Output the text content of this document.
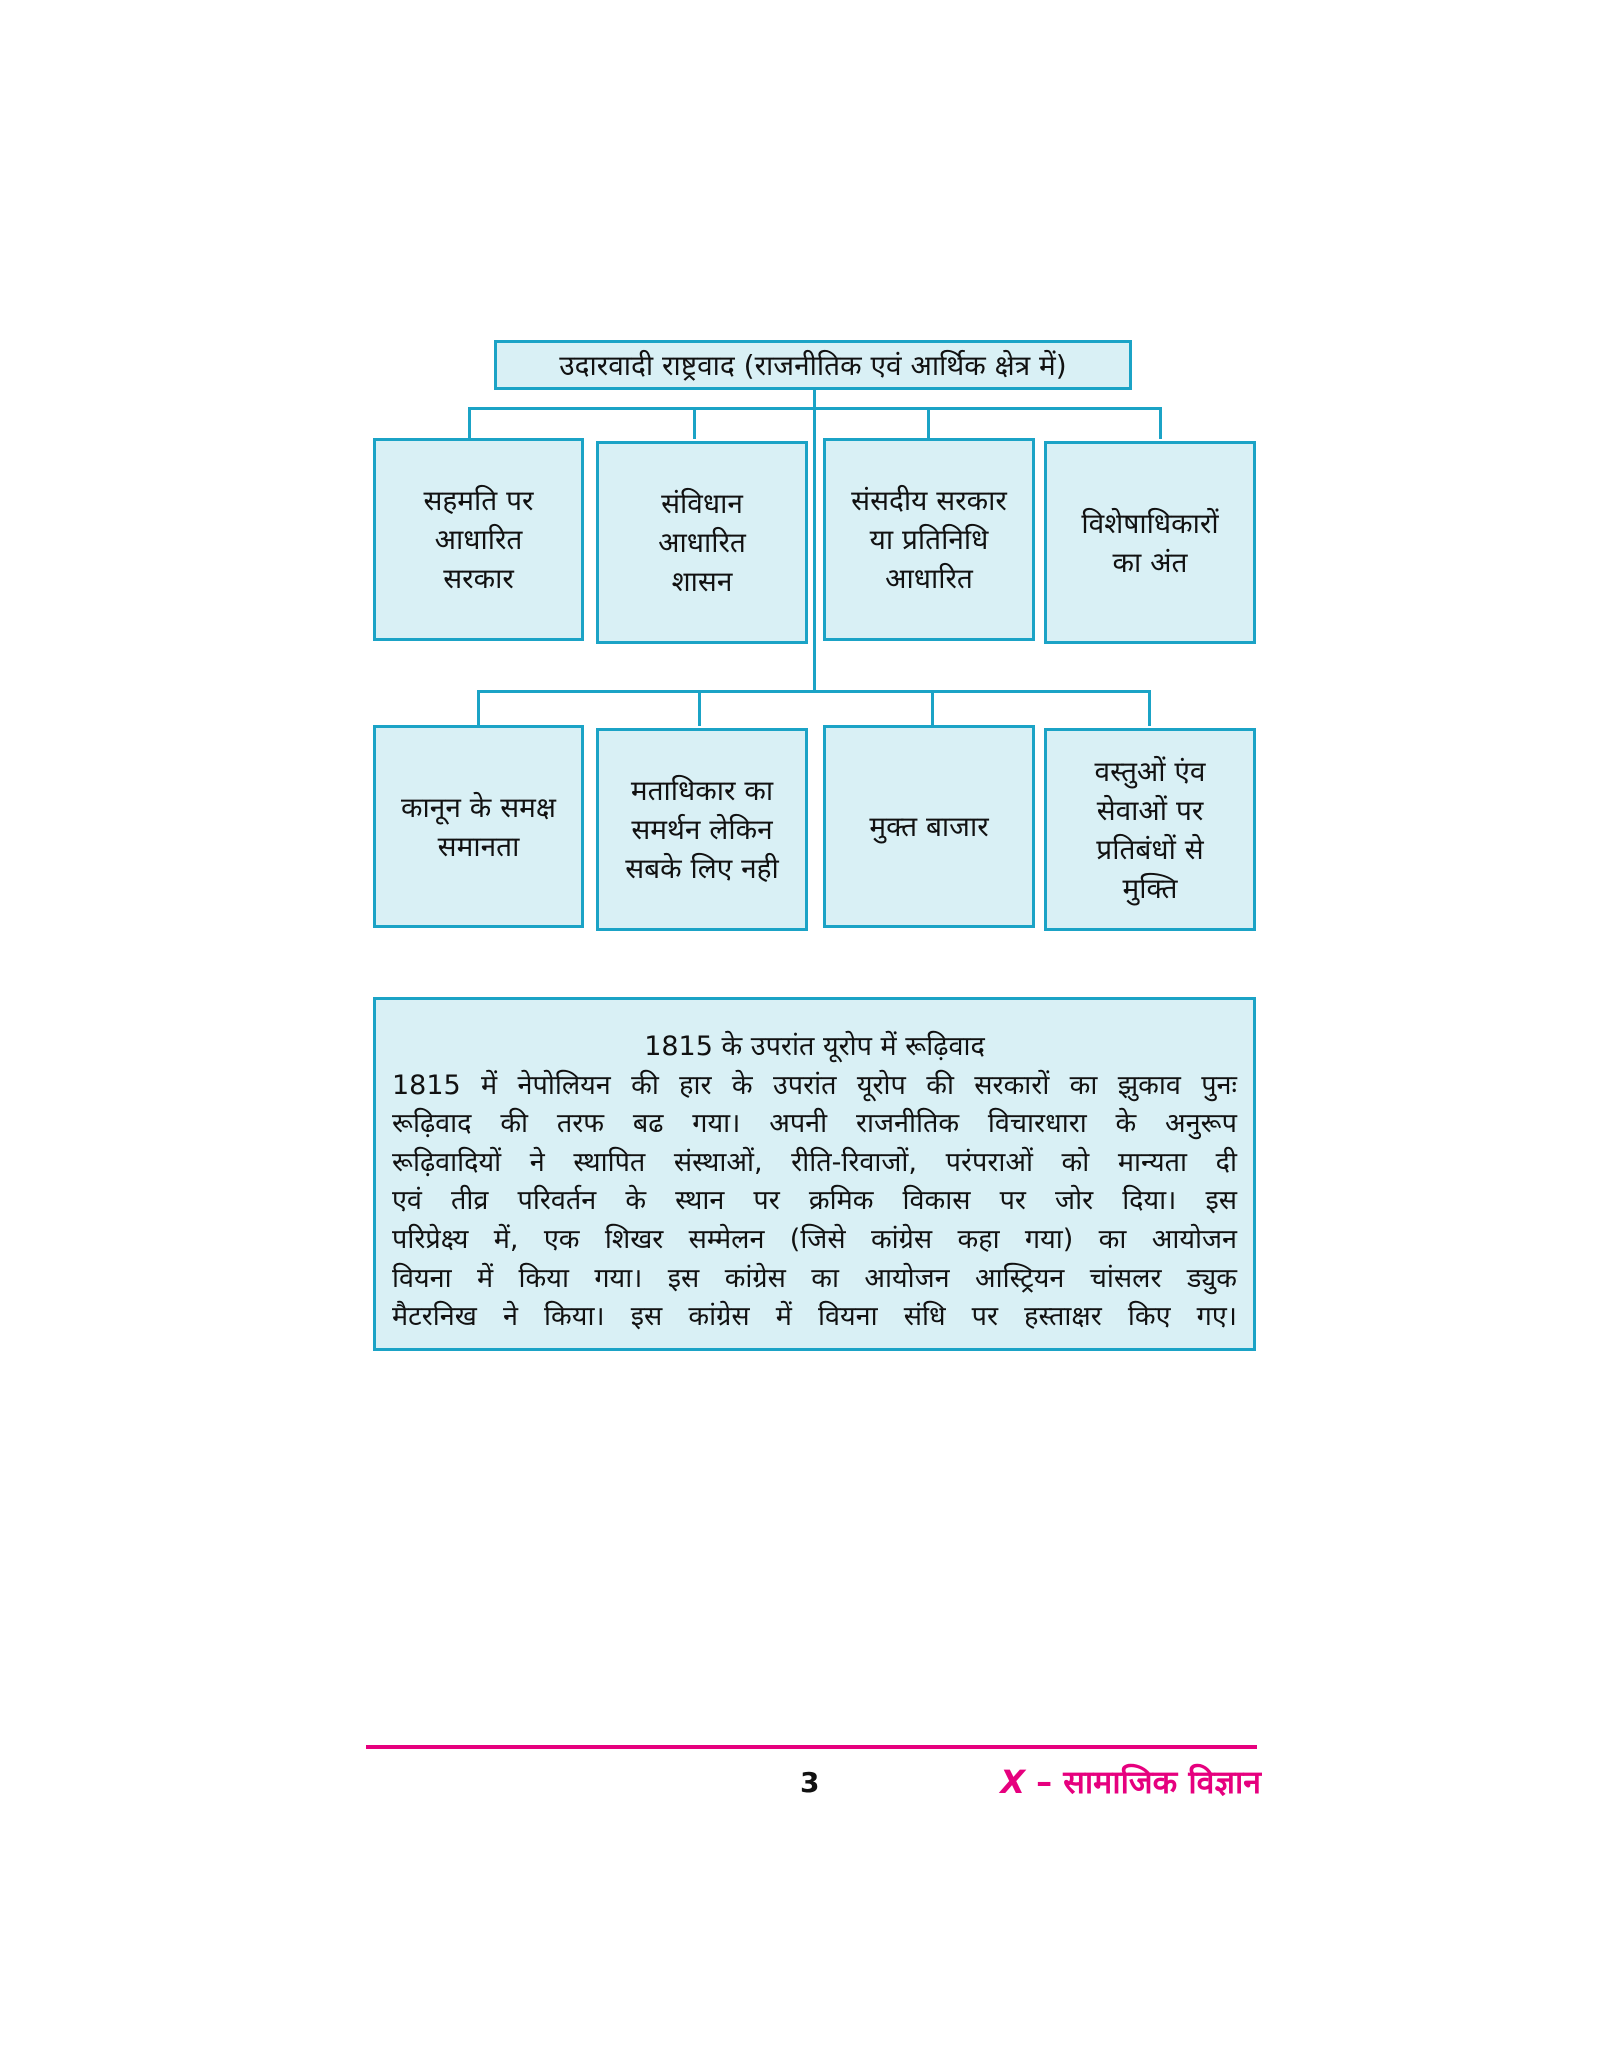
उदारवादी राष्ट्रवाद (राजनीतिक एवं आर्थिक क्षेत्र में)
सहमति पर
आधारित
सरकार
संविधान
आधारित
शासन
संसदीय सरकार
या प्रतिनिधि
आधारित
विशेषाधिकारों
का अंत
कानून के समक्ष
समानता
मताधिकार का
समर्थन लेकिन
सबके लिए नही
मुक्त बाजार
वस्तुओं एंव
सेवाओं पर
प्रतिबंधों से
मुक्ति
1815 के उपरांत यूरोप में रूढ़िवाद
1815 में नेपोलियन की हार के उपरांत यूरोप की सरकारों का झुकाव पुनः
रूढ़िवाद की तरफ बढ गया। अपनी राजनीतिक विचारधारा के अनुरूप
रूढ़िवादियों ने स्थापित संस्थाओं, रीति-रिवाजों, परंपराओं को मान्यता दी
एवं तीव्र परिवर्तन के स्थान पर क्रमिक विकास पर जोर दिया। इस
परिप्रेक्ष्य में, एक शिखर सम्मेलन (जिसे कांग्रेस कहा गया) का आयोजन
वियना में किया गया। इस कांग्रेस का आयोजन आस्ट्रियन चांसलर ड्युक
मैटरनिख ने किया। इस कांग्रेस में वियना संधि पर हस्ताक्षर किए गए।
3	X – सामाजिक विज्ञान
